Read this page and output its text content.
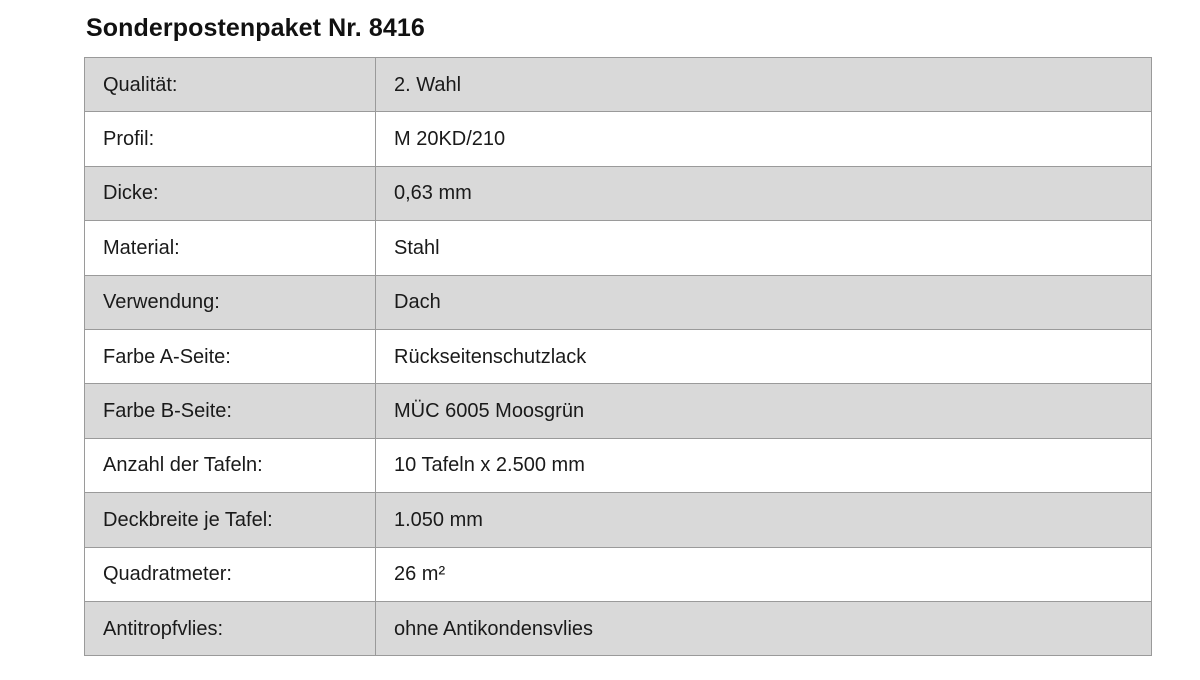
Sonderpostenpaket Nr. 8416
Qualität:	2. Wahl
Profil:	M 20KD/210
Dicke:	0,63 mm
Material:	Stahl
Verwendung:	Dach
Farbe A-Seite:	Rückseitenschutzlack
Farbe B-Seite:	MÜC 6005 Moosgrün
Anzahl der Tafeln:	10 Tafeln x 2.500 mm
Deckbreite je Tafel:	1.050 mm
Quadratmeter:	26 m²
Antitropfvlies:	ohne Antikondensvlies
